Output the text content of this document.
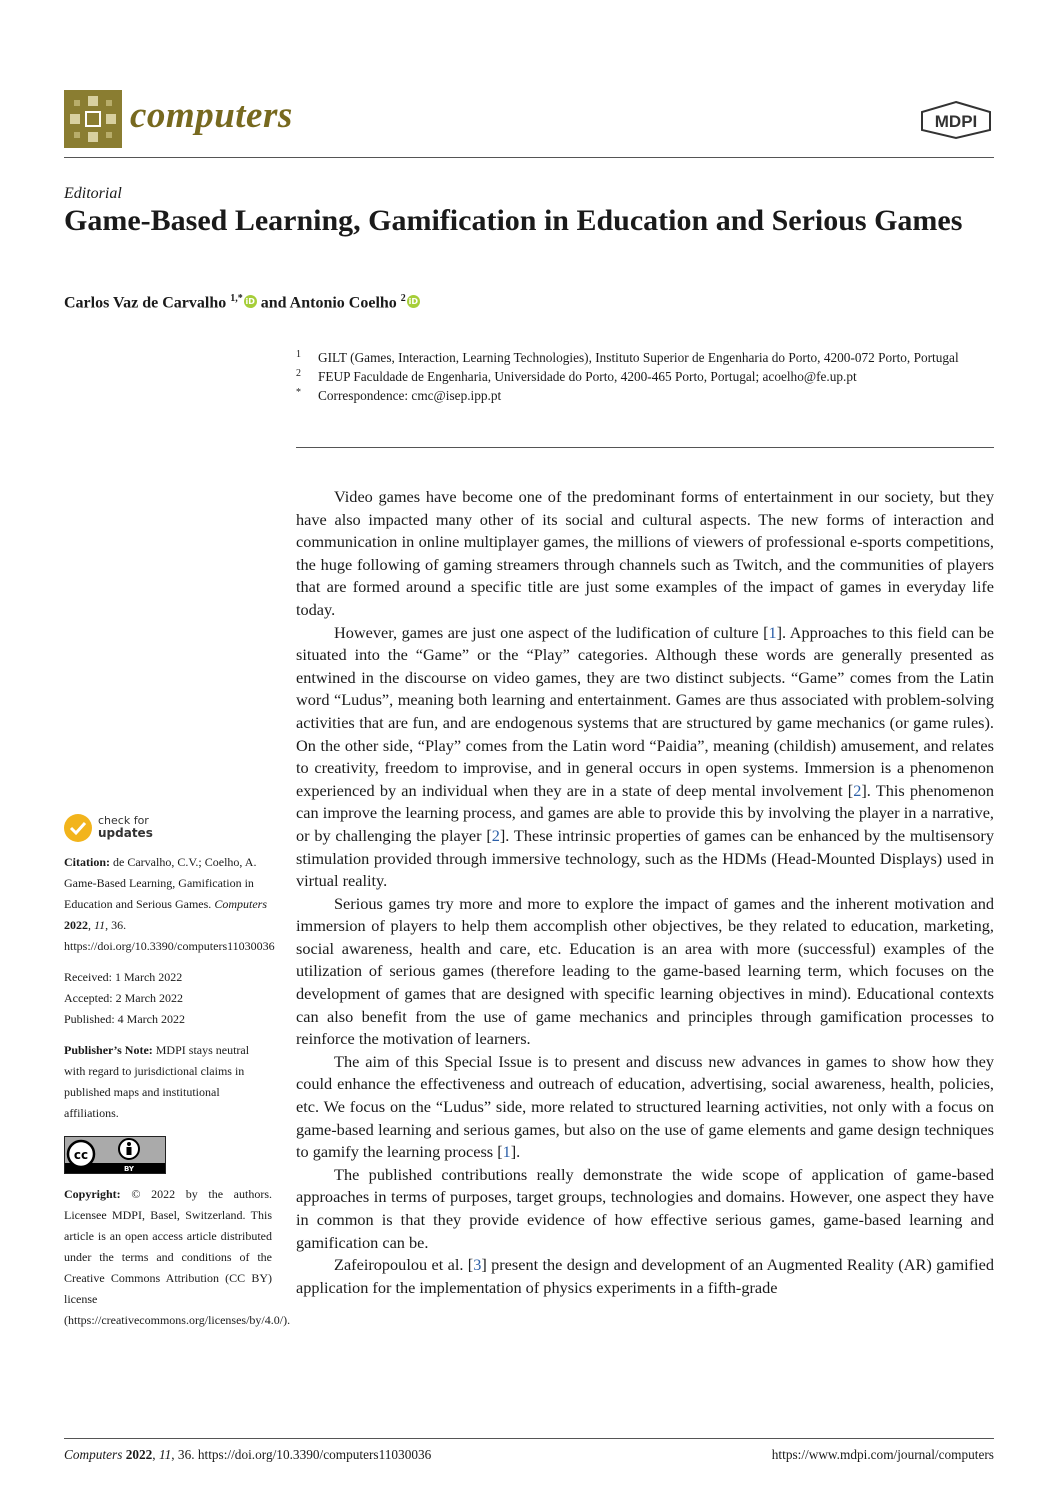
computers	MDPI
Editorial
Game-Based Learning, Gamification in Education and Serious Games
Carlos Vaz de Carvalho $^{1,*}$ iD and Antonio Coelho $^2$ iD
1	GILT (Games, Interaction, Learning Technologies), Instituto Superior de Engenharia do Porto, 4200-072 Porto, Portugal
2	FEUP Faculdade de Engenharia, Universidade do Porto, 4200-465 Porto, Portugal; acoelho@fe.up.pt
*	Correspondence: cmc@isep.ipp.pt
check for
updates

Citation: de Carvalho, C.V.; Coelho, A. Game-Based Learning, Gamification in Education and Serious Games. Computers 2022, 11, 36. https://doi.org/10.3390/computers11030036

Received: 1 March 2022
Accepted: 2 March 2022
Published: 4 March 2022

Publisher’s Note: MDPI stays neutral with regard to jurisdictional claims in published maps and institutional affiliations.

cc
BY

Copyright: © 2022 by the authors. Licensee MDPI, Basel, Switzerland. This article is an open access article distributed under the terms and conditions of the Creative Commons Attribution (CC BY) license (https://creativecommons.org/licenses/by/4.0/).

Video games have become one of the predominant forms of entertainment in our society, but they have also impacted many other of its social and cultural aspects. The new forms of interaction and communication in online multiplayer games, the millions of viewers of professional e-sports competitions, the huge following of gaming streamers through channels such as Twitch, and the communities of players that are formed around a specific title are just some examples of the impact of games in everyday life today.

However, games are just one aspect of the ludification of culture [1]. Approaches to this field can be situated into the “Game” or the “Play” categories. Although these words are generally presented as entwined in the discourse on video games, they are two distinct subjects. “Game” comes from the Latin word “Ludus”, meaning both learning and entertainment. Games are thus associated with problem-solving activities that are fun, and are endogenous systems that are structured by game mechanics (or game rules). On the other side, “Play” comes from the Latin word “Paidia”, meaning (childish) amusement, and relates to creativity, freedom to improvise, and in general occurs in open systems. Immersion is a phenomenon experienced by an individual when they are in a state of deep mental involvement [2]. This phenomenon can improve the learning process, and games are able to provide this by involving the player in a narrative, or by challenging the player [2]. These intrinsic properties of games can be enhanced by the multisensory stimulation provided through immersive technology, such as the HDMs (Head-Mounted Displays) used in virtual reality.

Serious games try more and more to explore the impact of games and the inherent motivation and immersion of players to help them accomplish other objectives, be they related to education, marketing, social awareness, health and care, etc. Education is an area with more (successful) examples of the utilization of serious games (therefore leading to the game-based learning term, which focuses on the development of games that are designed with specific learning objectives in mind). Educational contexts can also benefit from the use of game mechanics and principles through gamification processes to reinforce the motivation of learners.

The aim of this Special Issue is to present and discuss new advances in games to show how they could enhance the effectiveness and outreach of education, advertising, social awareness, health, policies, etc. We focus on the “Ludus” side, more related to structured learning activities, not only with a focus on game-based learning and serious games, but also on the use of game elements and game design techniques to gamify the learning process [1].

The published contributions really demonstrate the wide scope of application of game-based approaches in terms of purposes, target groups, technologies and domains. However, one aspect they have in common is that they provide evidence of how effective serious games, game-based learning and gamification can be.

Zafeiropoulou et al. [3] present the design and development of an Augmented Reality (AR) gamified application for the implementation of physics experiments in a fifth-grade

Computers 2022, 11, 36. https://doi.org/10.3390/computers11030036	https://www.mdpi.com/journal/computers
